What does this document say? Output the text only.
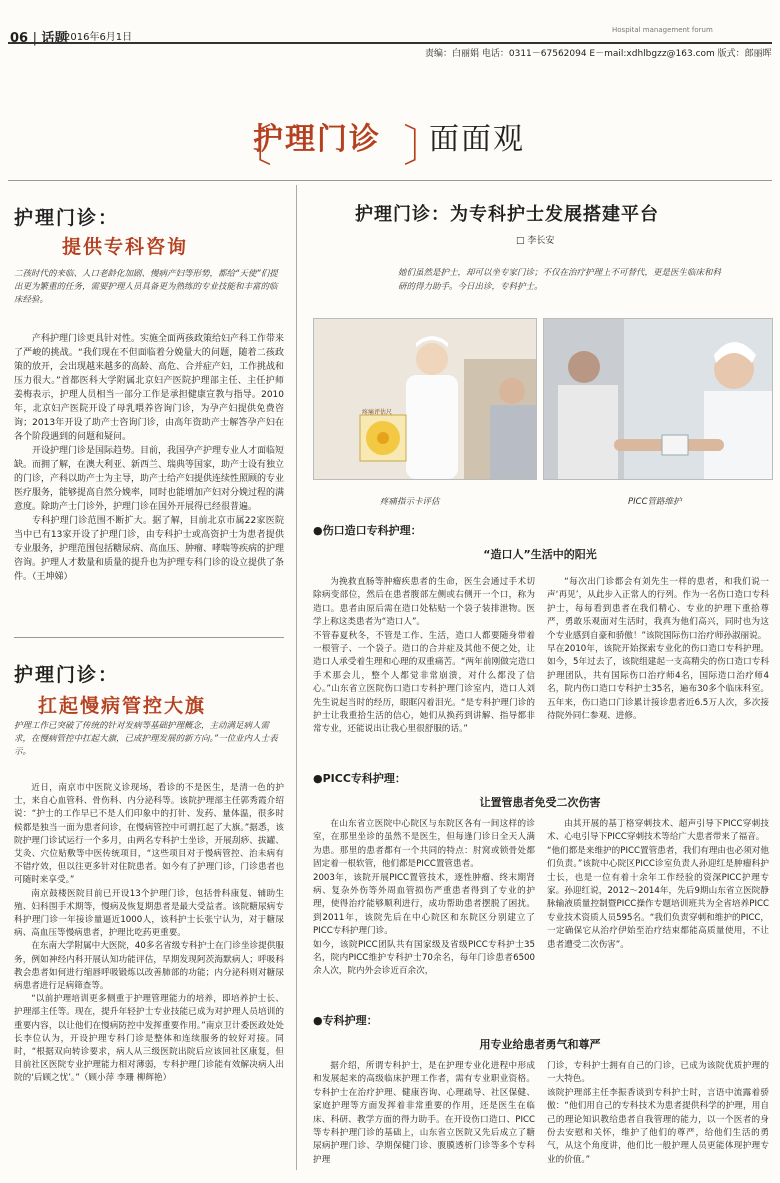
06 | 话题
2016年6月1日
Hospital management forum
责编：白丽娟 电话：0311－67562094 E－mail:xdhlbgzz@163.com 版式：郎丽晖
〔
护理门诊 〕
面面观
护理门诊：
提供专科咨询
二孩时代的来临、人口老龄化加剧、慢病产妇等形势，都给“天使”们提出更为繁重的任务，需要护理人员具备更为熟练的专业技能和丰富的临床经验。

产科护理门诊更具针对性。实施全面两孩政策给妇产科工作带来了严峻的挑战。“我们现在不但面临着分娩量大的问题，随着二孩政策的放开，会出现越来越多的高龄、高危、合并症产妇，工作挑战和压力很大。”首都医科大学附属北京妇产医院护理部主任、主任护师姜梅表示，护理人员相当一部分工作是承担健康宣教与指导。2010年，北京妇产医院开设了母乳喂养咨询门诊，为孕产妇提供免费咨询；2013年开设了助产士咨询门诊，由高年资助产士解答孕产妇在各个阶段遇到的问题和疑问。

开设护理门诊是国际趋势。目前，我国孕产护理专业人才面临短缺。而拥了解，在澳大利亚、新西兰、瑞典等国家，助产士设有独立的门诊，产科以助产士为主导，助产士给产妇提供连续性照顾的专业医疗服务，能够提高自然分娩率，同时也能增加产妇对分娩过程的满意度。除助产士门诊外，护理门诊在国外开展得已经很普遍。

专科护理门诊范围不断扩大。据了解，目前北京市属22家医院当中已有13家开设了护理门诊，由专科护士或高资护士为患者提供专业服务，护理范围包括糖尿病、高血压、肿瘤、哮喘等疾病的护理咨询。护理人才数量和质量的提升也为护理专科门诊的设立提供了条件。（王坤娣）

护理门诊：
扛起慢病管控大旗
护理工作已突破了传统的针对发病等基础护理概念，主动满足病人需求，在慢病管控中扛起大旗，已成护理发展的新方向。”一位业内人士表示。

近日，南京市中医院义诊现场，看诊的不是医生，是清一色的护士，来自心血管科、骨伤科、内分泌科等。该院护理部主任郭秀霞介绍说：“护士的工作早已不是人们印象中的打针、发药、量体温，很多时候都是独当一面为患者问诊，在慢病管控中可谓扛起了大旗。”据悉，该院护理门诊试运行一个多月，由两名专科护士坐诊，开展刮痧、拔罐、艾灸、穴位贴敷等中医传统项目，“这些项目对于慢病管控、治未病有不错疗效，但以往更多针对住院患者。如今有了护理门诊，门诊患者也可随时来享受。”

南京鼓楼医院目前已开设13个护理门诊，包括骨科康复、辅助生殖、妇科围手术期等，慢病及恢复期患者是最大受益者。该院糖尿病专科护理门诊一年接诊量逼近1000人，该科护士长张宁认为，对于糖尿病、高血压等慢病患者，护理比吃药更重要。

在东南大学附属中大医院，40多名省级专科护士在门诊坐诊提供服务，例如神经内科开展认知功能评估，早期发现阿茨海默病人；呼吸科教会患者如何进行缩唇呼吸锻炼以改善肺部的功能；内分泌科则对糖尿病患者进行足病筛查等。

“以前护理培训更多侧重于护理管理能力的培养，即培养护士长、护理部主任等。现在，提升年轻护士专业技能已成为对护理人员培训的重要内容，以让他们在慢病防控中发挥重要作用。”南京卫计委医政处处长李位认为，开设护理专科门诊是整体和连续服务的较好对接。同时，“根据双向转诊要求，病人从三级医院出院后应该回社区康复，但目前社区医院专业护理能力相对薄弱，专科护理门诊能有效解决病人出院的‘后顾之忧’。”（顾小萍 李珊 柳辉艳）

护理门诊：为专科护士发展搭建平台
□ 李长安
她们虽然是护士，却可以坐专家门诊；不仅在治疗护理上不可替代，更是医生临床和科研的得力助手。今日出诊，专科护士。
疼痛评估尺
疼痛指示卡评估	PICC管路维护
●伤口造口专科护理：
“造口人”生活中的阳光

为挽救直肠等肿瘤疾患者的生命，医生会通过手术切除病变部位，然后在患者腹部左侧或右侧开一个口，称为造口。患者由原后需在造口处粘贴一个袋子装排泄物。医学上称这类患者为“造口人”。
不管春夏秋冬，不管是工作、生活，造口人都要随身带着一根管子、一个袋子。造口的合并症及其他不便之处，让造口人承受着生理和心理的双重痛苦。“两年前刚做完造口手术那会儿，整个人都觉非常崩溃，对什么都没了信心。”山东省立医院伤口造口专科护理门诊室内，造口人刘先生说起当时的经历，眼眶闪着泪光。“是专科护理门诊的护士让我重拾生活的信心，她们从换药到讲解、指导都非常专业，还能说出让我心里很舒服的话。”

“每次出门诊都会有刘先生一样的患者，和我们说一声‘再见’，从此步入正常人的行列。作为一名伤口造口专科护士，每每看到患者在我们精心、专业的护理下重拾尊严，勇敢乐观面对生活时，我真为他们高兴，同时也为这个专业感到自豪和骄傲！”该院国际伤口治疗师孙淑丽说。
早在2010年，该院开始探索专业化的伤口造口专科护理。如今，5年过去了，该院组建起一支高精尖的伤口造口专科护理团队，共有国际伤口治疗师4名，国际造口治疗师4名，院内伤口造口专科护士35名，遍布30多个临床科室。五年来，伤口造口门诊累计接诊患者近6.5万人次，多次接待院外同仁参观、进修。

●PICC专科护理：
让置管患者免受二次伤害

在山东省立医院中心院区与东院区各有一间这样的诊室，在那里坐诊的虽然不是医生，但每逢门诊日全天人满为患。那里的患者都有一个共同的特点：肘窝或锁骨处都固定着一根软管，他们都是PICC置管患者。
2003年，该院开展PICC置管技术，逐性肿瘤、终末期肾病、复杂外伤等外周血管损伤严重患者得到了专业的护理，使得治疗能够顺利进行，成功帮助患者摆脱了困扰。到2011年，该院先后在中心院区和东院区分别建立了PICC专科护理门诊。
如今，该院PICC团队共有国家级及省级PICC专科护士35名，院内PICC维护专科护士70余名，每年门诊患者6500余人次，院内外会诊近百余次，

由其开展的基丁格穿刺技术、超声引导下PICC穿刺技术、心电引导下PICC穿刺技术等给广大患者带来了福音。
“他们都是来维护的PICC置管患者，我们有理由也必须对他们负责。”该院中心院区PICC诊室负责人孙迎红是肿瘤科护士长，也是一位有着十余年工作经验的资深PICC护理专家。孙迎红说，2012～2014年，先后9期山东省立医院静脉输液质量控制暨PICC操作专题培训班共为全省培养PICC专业技术资质人员595名。“我们负责穿刺和维护的PICC，一定确保它从治疗伊始至治疗结束都能高质量使用，不让患者遭受二次伤害”。

●专科护理：
用专业给患者勇气和尊严

据介绍，所谓专科护士，是在护理专业化进程中形成和发展起来的高级临床护理工作者，需有专业职业资格。专科护士在治疗护理、健康咨询、心理疏导、社区保健、家庭护理等方面发挥着非常重要的作用，还是医生在临床、科研、教学方面的得力助手。在开设伤口造口、PICC等专科护理门诊的基础上，山东省立医院又先后成立了糖尿病护理门诊、孕期保健门诊、腹膜透析门诊等多个专科护理

门诊，专科护士拥有自己的门诊，已成为该院优质护理的一大特色。
该院护理部主任李振香谈到专科护士时，言语中流露着骄傲：“他们用自己的专科技术为患者提供科学的护理，用自己的理论知识教给患者自我管理的能力，以一个医者的身份去安慰和关怀，维护了他们的尊严，给他们生活的勇气，从这个角度讲，他们比一般护理人员更能体现护理专业的价值。”
